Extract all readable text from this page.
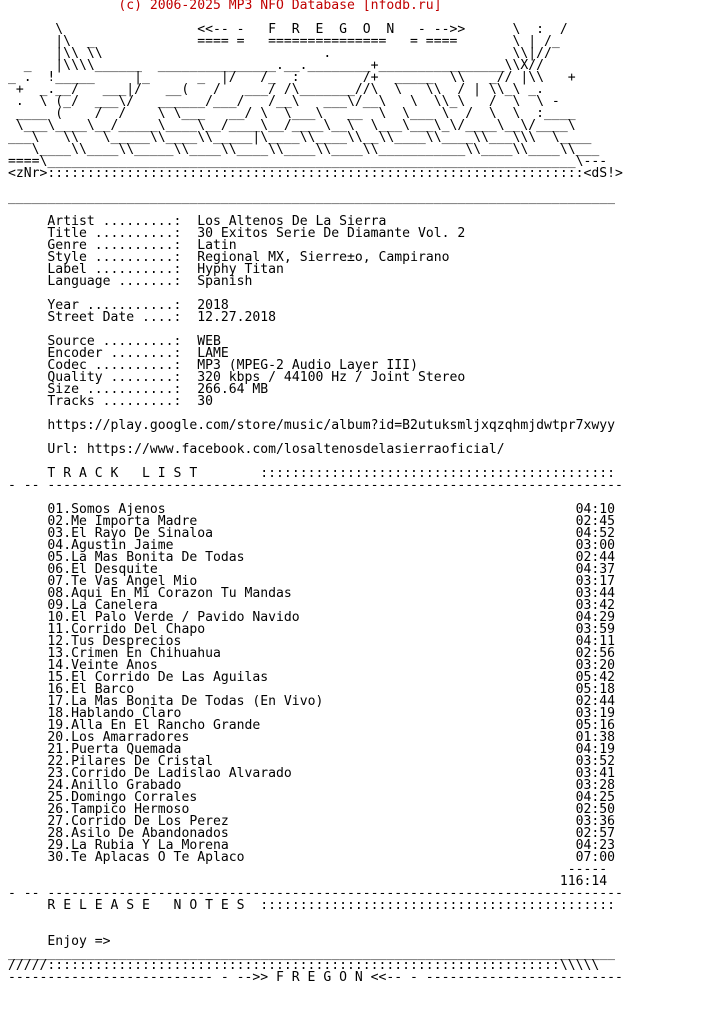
(c) 2006-2025 MP3 NFO Database [nfodb.ru]

\                 <<-- -   F  R  E  G  O  N   - -->>      \  :  /
|\  _             ==== =   ===============   = ====       \ | /_
|\\ \\                            .                       \\|//
_   |\\\\______  _______________.__.________+________________\\X//
_ .  !_____     |_      _  |/   /_  :        /+  _____  \\   _// |\\   +
+  _.__/   ___|/   __(   /   ___/ /\_______//\  \   \\  / | \\_\ _.
.  \ (_/  ___\/   ______/___/   /__\   ___\/__\   \  \\_\   /  \  \ -
____ (    /  /    \ \___   __/ \  \___\   __  \  \___ \  /  \  \  :____
\___\____\__/_____\____\__/____\__/____\__\  \___\___\_\/____\__\/____\
___\   \\   \_____\\____\\_____|\____\\____\\__\\____\\____\\___\\\  \____
\____\\____\\_____\\____\\____\\____\\____\\___________\\____\\____\\___
====\___________________________________________________________________\---
<zNr>::::::::::::::::::::::::::::::::::::::::::::::::::::::::::::::::::::<dS!>

_____________________________________________________________________________

Artist .........: Los Altenos De La Sierra
Title ..........: 30 Exitos Serie De Diamante Vol. 2
Genre ..........: Latin
Style ..........: Regional MX, Sierre±o, Campirano
Label ..........: Hyphy Titan
Language .......: Spanish

Year ...........: 2018
Street Date ....: 12.27.2018

Source .........: WEB
Encoder ........: LAME
Codec ..........: MP3 (MPEG-2 Audio Layer III)
Quality ........: 320 kbps / 44100 Hz / Joint Stereo
Size ...........: 266.64 MB
Tracks .........: 30

https://play.google.com/store/music/album?id=B2utuksmljxqzqhmjdwtpr7xwyy

Url: https://www.facebook.com/losaltenosdelasierraoficial/

T R A C K   L I S T	:::::::::::::::::::::::::::::::::::::::::::::
- -- -------------------------------------------------------------------------

01.Somos Ajenos                                                    04:10
02.Me Importa Madre                                                02:45
03.El Rayo De Sinaloa                                              04:52
04.Agustin Jaime                                                   03:00
05.La Mas Bonita De Todas                                          02:44
06.El Desquite                                                     04:37
07.Te Vas Angel Mio                                                03:17
08.Aqui En Mi Corazon Tu Mandas                                    03:44
09.La Canelera                                                     03:42
10.El Palo Verde / Pavido Navido                                   04:29
11.Corrido Del Chapo                                               03:59
12.Tus Desprecios                                                  04:11
13.Crimen En Chihuahua                                             02:56
14.Veinte Anos                                                     03:20
15.El Corrido De Las Aguilas                                       05:42
16.El Barco                                                        05:18
17.La Mas Bonita De Todas (En Vivo)                                02:44
18.Hablando Claro                                                  03:19
19.Alla En El Rancho Grande                                        05:16
20.Los Amarradores                                                 01:38
21.Puerta Quemada                                                  04:19
22.Pilares De Cristal                                              03:52
23.Corrido De Ladislao Alvarado                                    03:41
24.Anillo Grabado                                                  03:28
25.Domingo Corrales                                                04:25
26.Tampico Hermoso                                                 02:50
27.Corrido De Los Perez                                            03:36
28.Asilo De Abandonados                                            02:57
29.La Rubia Y La Morena                                            04:23
30.Te Aplacas O Te Aplaco                                          07:00
-----
116:14
- -- -------------------------------------------------------------------------
R E L E A S E   N O T E S :::::::::::::::::::::::::::::::::::::::::::::

Enjoy =>
_____________________________________________________________________________
/////:::::::::::::::::::::::::::::::::::::::::::::::::::::::::::::::::\\\\\
-------------------------- - -->> F R E G O N <<-- - -------------------------
